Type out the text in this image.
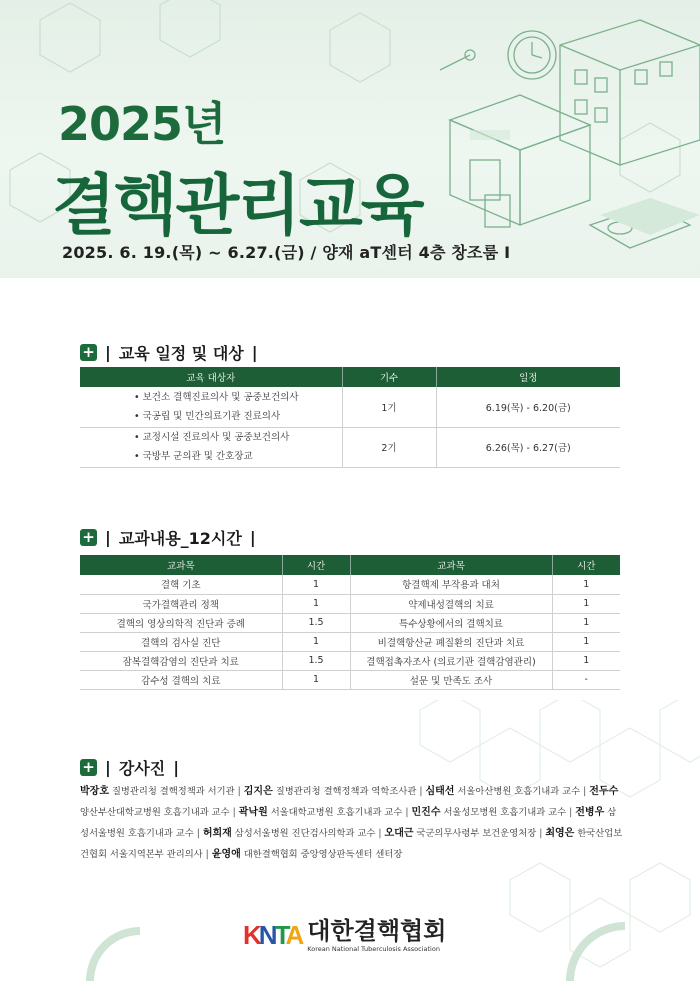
2025년
결핵관리교육
2025. 6. 19.(목) ~ 6.27.(금) / 양재 aT센터 4층 창조룸 I
+ | 교육 일정 및 대상 |
교육 대상자	기수	일정

• 보건소 결핵진료의사 및 공중보건의사
• 국공립 및 민간의료기관 진료의사	1기	6.19(목) - 6.20(금)

• 교정시설 진료의사 및 공중보건의사
• 국방부 군의관 및 간호장교	2기	6.26(목) - 6.27(금)
+ | 교과내용_12시간 |
교과목	시간	교과목	시간
결핵 기초	1	항결핵제 부작용과 대처	1
국가결핵관리 정책	1	약제내성결핵의 치료	1
결핵의 영상의학적 진단과 증례	1.5	특수상황에서의 결핵치료	1
결핵의 검사실 진단	1	비결핵항산균 폐질환의 진단과 치료	1
잠복결핵감염의 진단과 치료	1.5	결핵접촉자조사 (의료기관 결핵감염관리)	1
감수성 결핵의 치료	1	설문 및 만족도 조사	-
+ | 강사진 |
박장호 질병관리청 결핵정책과 서기관 | 김지은 질병관리청 결핵정책과 역학조사관 | 심태선 서울아산병원 호흡기내과 교수 | 전두수 양산부산대학교병원 호흡기내과 교수 | 곽낙원 서울대학교병원 호흡기내과 교수 | 민진수 서울성모병원 호흡기내과 교수 | 전병우 삼성서울병원 호흡기내과 교수 | 허희재 삼성서울병원 진단검사의학과 교수 | 오대근 국군의무사령부 보건운영처장 | 최영은 한국산업보건협회 서울지역본부 관리의사 | 윤영애 대한결핵협회 중앙영상판독센터 센터장
KNTA 대한결핵협회
Korean National Tuberculosis Association
